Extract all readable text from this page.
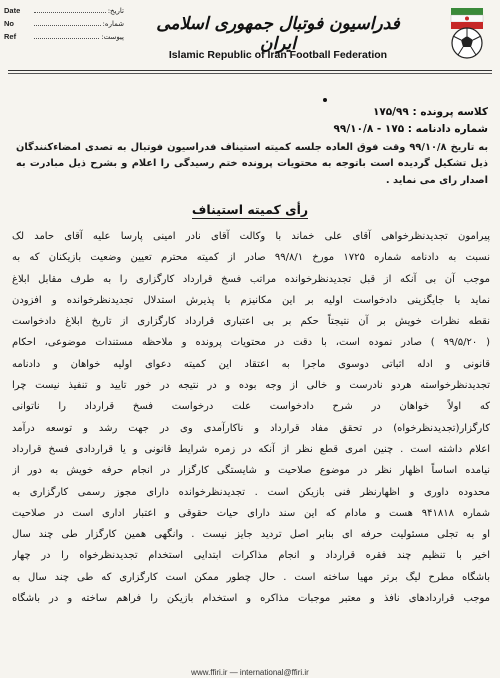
Date	تاریخ:
No	شماره:
Ref	پیوست:
فدراسیون فوتبال جمهوری اسلامی ایران
Islamic Republic of Iran Football Federation
کلاسه پرونده : ۱۷۵/۹۹
شماره دادنامه : ۱۷۵ - ۹۹/۱۰/۸
به تاریخ ۹۹/۱۰/۸ وقت فوق العاده جلسه کمیته استیناف فدراسیون فوتبال به تصدی امضاءکنندگان ذیل تشکیل گردیده است باتوجه به محتویات پرونده ختم رسیدگی را اعلام و بشرح ذیل مبادرت به اصدار رای می نماید .
رأی کمیته استیناف
پیرامون تجدیدنظرخواهی آقای علی خماند با وکالت آقای نادر امینی پارسا علیه آقای حامد لک
نسبت به دادنامه شماره ۱۷۲۵ مورخ ۹۹/۸/۱ صادر از کمیته محترم تعیین وضعیت بازیکنان که به
موجب آن بی آنکه از قبل تجدیدنظرخوانده مراتب فسخ قرارداد کارگزاری را به طرف مقابل ابلاغ
نماید با جایگزینی دادخواست اولیه بر این مکانیزم با پذیرش استدلال تجدیدنظرخوانده و افزودن
نقطه نظرات خویش بر آن نتیجتاً حکم بر بی اعتباری قرارداد کارگزاری از تاریخ ابلاغ دادخواست
( ۹۹/۵/۲۰ ) صادر نموده است، با دقت در محتویات پرونده و ملاحظه مستندات موضوعی، احکام
قانونی و ادله اثباتی دوسوی ماجرا به اعتقاد این کمیته دعوای اولیه خواهان و دادنامه
تجدیدنظرخواسته هردو نادرست و خالی از وجه بوده و در نتیجه در خور تایید و تنفیذ نیست چرا
که اولاً خواهان در شرح دادخواست علت درخواست فسخ قرارداد را ناتوانی
کارگزار(تجدیدنظرخواه) در تحقق مفاد قرارداد و ناکارآمدی وی در جهت رشد و توسعه درآمد
اعلام داشته است . چنین امری قطع نظر از آنکه در زمره شرایط قانونی و یا قراردادی فسخ قرارداد
نیامده اساساً اظهار نظر در موضوع صلاحیت و شایستگی کارگزار در انجام حرفه خویش به دور از
محدوده داوری و اظهارنظر فنی بازیکن است . تجدیدنظرخوانده دارای مجوز رسمی کارگزاری به
شماره ۹۴۱۸۱۸ هست و مادام که این سند دارای حیات حقوقی و اعتبار اداری است در صلاحیت
او به تجلی مسئولیت حرفه ای بنابر اصل تردید جایز نیست . وانگهی همین کارگزار طی چند سال
اخیر با تنظیم چند فقره قرارداد و انجام مذاکرات ابتدایی استخدام تجدیدنظرخواه را در چهار
باشگاه مطرح لیگ برتر مهیا ساخته است . حال چطور ممکن است کارگزاری که طی چند سال به
موجب قراردادهای نافذ و معتبر موجبات مذاکره و استخدام بازیکن را فراهم ساخته و در باشگاه
www.ffiri.ir — international@ffiri.ir
